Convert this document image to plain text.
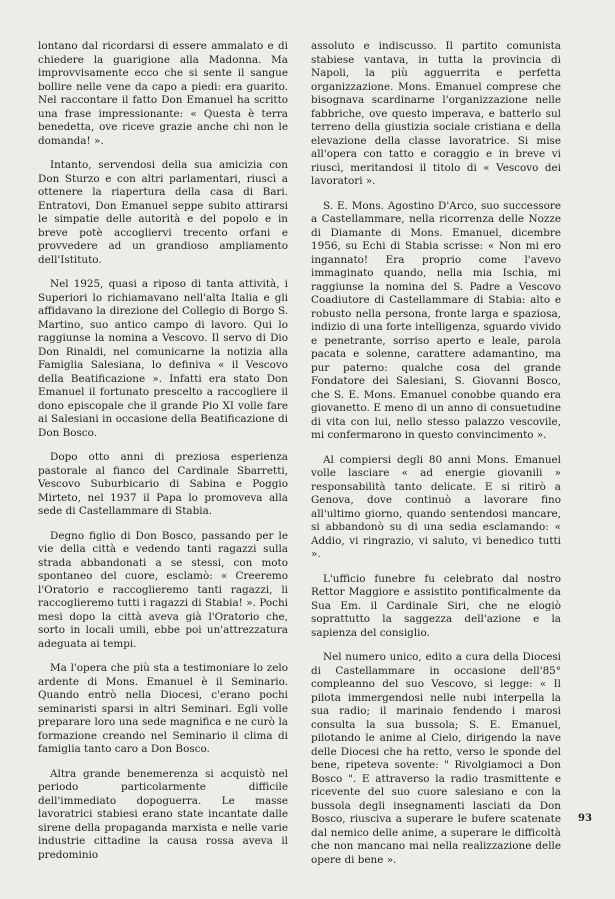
lontano dal ricordarsi di essere ammalato e di chiedere la guarigione alla Madonna. Ma improvvisamente ecco che si sente il sangue bollire nelle vene da capo a piedi: era guarito. Nel raccontare il fatto Don Emanuel ha scritto una frase impressionante: « Questa è terra benedetta, ove riceve grazie anche chi non le domanda! ».

Intanto, servendosi della sua amicizia con Don Sturzo e con altri parlamentari, riuscì a ottenere la riapertura della casa di Bari. Entratovi, Don Emanuel seppe subito attirarsi le simpatie delle autorità e del popolo e in breve potè accogliervi trecento orfani e provvedere ad un grandioso ampliamento dell'Istituto.

Nel 1925, quasi a riposo di tanta attività, i Superiori lo richiamavano nell'alta Italia e gli affidavano la direzione del Collegio di Borgo S. Martino, suo antico campo di lavoro. Qui lo raggiunse la nomina a Vescovo. Il servo di Dio Don Rinaldi, nel comunicarne la notizia alla Famiglia Salesiana, lo definiva « il Vescovo della Beatificazione ». Infatti era stato Don Emanuel il fortunato prescelto a raccogliere il dono episcopale che il grande Pio XI volle fare ai Salesiani in occasione della Beatificazione di Don Bosco.

Dopo otto anni di preziosa esperienza pastorale al fianco del Cardinale Sbarretti, Vescovo Suburbicario di Sabina e Poggio Mirteto, nel 1937 il Papa lo promoveva alla sede di Castellammare di Stabia.

Degno figlio di Don Bosco, passando per le vie della città e vedendo tanti ragazzi sulla strada abbandonati a se stessi, con moto spontaneo del cuore, esclamò: « Creeremo l'Oratorio e raccoglieremo tanti ragazzi, li raccoglieremo tutti i ragazzi di Stabia! ». Pochi mesi dopo la città aveva già l'Oratorio che, sorto in locali umili, ebbe poi un'attrezzatura adeguata ai tempi.

Ma l'opera che più sta a testimoniare lo zelo ardente di Mons. Emanuel è il Seminario. Quando entrò nella Diocesi, c'erano pochi seminaristi sparsi in altri Seminari. Egli volle preparare loro una sede magnifica e ne curò la formazione creando nel Seminario il clima di famiglia tanto caro a Don Bosco.

Altra grande benemerenza si acquistò nel periodo particolarmente difficile dell'immediato dopoguerra. Le masse lavoratrici stabiesi erano state incantate dalle sirene della propaganda marxista e nelle varie industrie cittadine la causa rossa aveva il predominio

assoluto e indiscusso. Il partito comunista stabiese vantava, in tutta la provincia di Napoli, la più agguerrita e perfetta organizzazione. Mons. Emanuel comprese che bisognava scardinarne l'organizzazione nelle fabbriche, ove questo imperava, e batterlo sul terreno della giustizia sociale cristiana e della elevazione della classe lavoratrice. Si mise all'opera con tatto e coraggio e in breve vi riuscì, meritandosi il titolo di « Vescovo dei lavoratori ».

S. E. Mons. Agostino D'Arco, suo successore a Castellammare, nella ricorrenza delle Nozze di Diamante di Mons. Emanuel, dicembre 1956, su Echi di Stabia scrisse: « Non mi ero ingannato! Era proprio come l'avevo immaginato quando, nella mia Ischia, mi raggiunse la nomina del S. Padre a Vescovo Coadiutore di Castellammare di Stabia: alto e robusto nella persona, fronte larga e spaziosa, indizio di una forte intelligenza, sguardo vivido e penetrante, sorriso aperto e leale, parola pacata e solenne, carattere adamantino, ma pur paterno: qualche cosa del grande Fondatore dei Salesiani, S. Giovanni Bosco, che S. E. Mons. Emanuel conobbe quando era giovanetto. E meno di un anno di consuetudine di vita con lui, nello stesso palazzo vescovile, mi confermarono in questo convincimento ».

Al compiersi degli 80 anni Mons. Emanuel volle lasciare « ad energie giovanili » responsabilità tanto delicate. E si ritirò a Genova, dove continuò a lavorare fino all'ultimo giorno, quando sentendosi mancare, si abbandonò su di una sedia esclamando: « Addio, vi ringrazio, vi saluto, vi benedico tutti ».

L'ufficio funebre fu celebrato dal nostro Rettor Maggiore e assistito pontificalmente da Sua Em. il Cardinale Siri, che ne elogiò soprattutto la saggezza dell'azione e la sapienza del consiglio.

Nel numero unico, edito a cura della Diocesi di Castellammare in occasione dell'85° compleanno del suo Vescovo, si legge: « Il pilota immergendosi nelle nubi interpella la sua radio; il marinaio fendendo i marosi consulta la sua bussola; S. E. Emanuel, pilotando le anime al Cielo, dirigendo la nave delle Diocesi che ha retto, verso le sponde del bene, ripeteva sovente: " Rivolgiamoci a Don Bosco ". E attraverso la radio trasmittente e ricevente del suo cuore salesiano e con la bussola degli insegnamenti lasciati da Don Bosco, riusciva a superare le bufere scatenate dal nemico delle anime, a superare le difficoltà che non mancano mai nella realizzazione delle opere di bene ».

93
